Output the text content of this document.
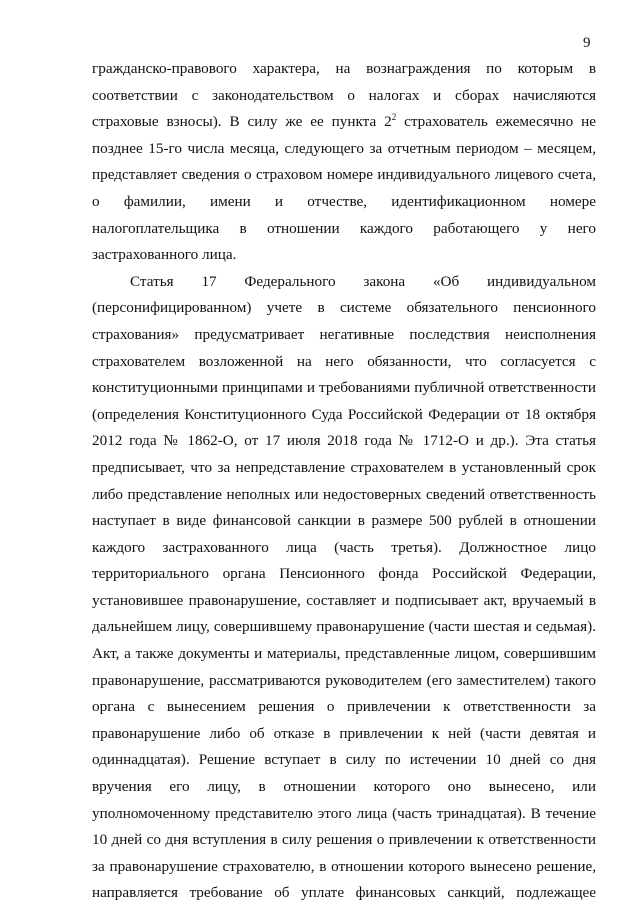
9

гражданско-правового характера, на вознаграждения по которым в соответствии с законодательством о налогах и сборах начисляются страховые взносы). В силу же ее пункта $2^2$ страхователь ежемесячно не позднее 15-го числа месяца, следующего за отчетным периодом – месяцем, представляет сведения о страховом номере индивидуального лицевого счета, о фамилии, имени и отчестве, идентификационном номере налогоплательщика в отношении каждого работающего у него застрахованного лица.

Статья 17 Федерального закона «Об индивидуальном (персонифицированном) учете в системе обязательного пенсионного страхования» предусматривает негативные последствия неисполнения страхователем возложенной на него обязанности, что согласуется с конституционными принципами и требованиями публичной ответственности (определения Конституционного Суда Российской Федерации от 18 октября 2012 года № 1862-О, от 17 июля 2018 года № 1712-О и др.). Эта статья предписывает, что за непредставление страхователем в установленный срок либо представление неполных или недостоверных сведений ответственность наступает в виде финансовой санкции в размере 500 рублей в отношении каждого застрахованного лица (часть третья). Должностное лицо территориального органа Пенсионного фонда Российской Федерации, установившее правонарушение, составляет и подписывает акт, вручаемый в дальнейшем лицу, совершившему правонарушение (части шестая и седьмая). Акт, а также документы и материалы, представленные лицом, совершившим правонарушение, рассматриваются руководителем (его заместителем) такого органа с вынесением решения о привлечении к ответственности за правонарушение либо об отказе в привлечении к ней (части девятая и одиннадцатая). Решение вступает в силу по истечении 10 дней со дня вручения его лицу, в отношении которого оно вынесено, или уполномоченному представителю этого лица (часть тринадцатая). В течение 10 дней со дня вступления в силу решения о привлечении к ответственности за правонарушение страхователю, в отношении которого вынесено решение, направляется требование об уплате финансовых санкций, подлежащее
